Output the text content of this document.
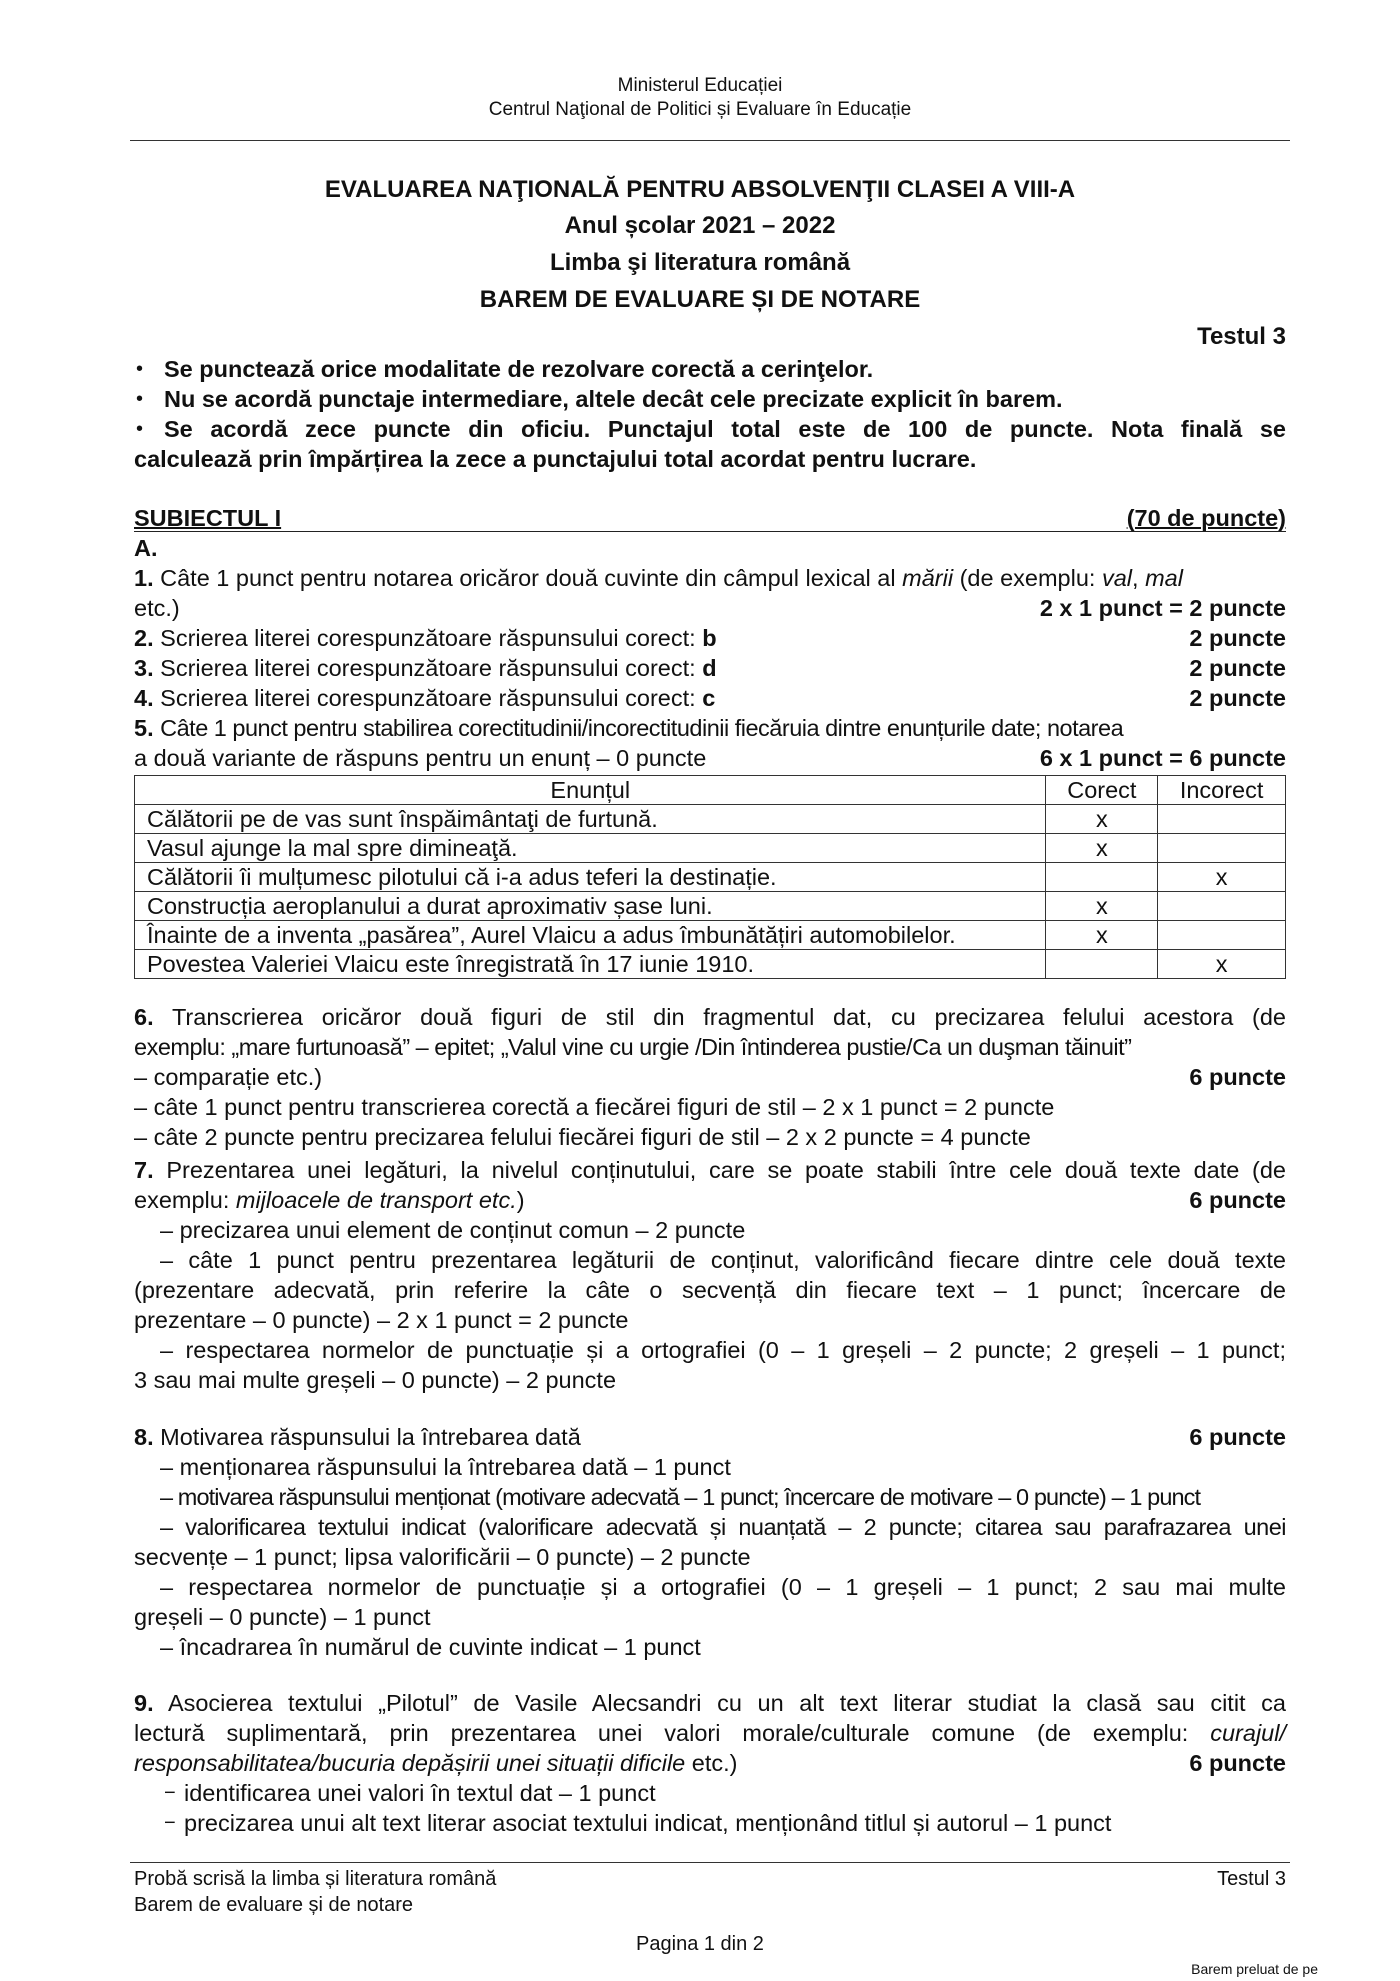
Ministerul Educației
Centrul Naţional de Politici și Evaluare în Educație
EVALUAREA NAŢIONALĂ PENTRU ABSOLVENŢII CLASEI A VIII-A
Anul școlar 2021 – 2022
Limba şi literatura română
BAREM DE EVALUARE ȘI DE NOTARE
Testul 3
• Se punctează orice modalitate de rezolvare corectă a cerinţelor.
• Nu se acordă punctaje intermediare, altele decât cele precizate explicit în barem.
• Se acordă zece puncte din oficiu. Punctajul total este de 100 de puncte. Nota finală se
calculează prin împărțirea la zece a punctajului total acordat pentru lucrare.
SUBIECTUL I	(70 de puncte)
A.
1. Câte 1 punct pentru notarea oricăror două cuvinte din câmpul lexical al mării (de exemplu: val, mal
etc.)	2 x 1 punct = 2 puncte
2. Scrierea literei corespunzătoare răspunsului corect: b	2 puncte
3. Scrierea literei corespunzătoare răspunsului corect: d	2 puncte
4. Scrierea literei corespunzătoare răspunsului corect: c	2 puncte
5. Câte 1 punct pentru stabilirea corectitudinii/incorectitudinii fiecăruia dintre enunțurile date; notarea
a două variante de răspuns pentru un enunț – 0 puncte	6 x 1 punct = 6 puncte
Enunțul	Corect	Incorect
Călătorii pe de vas sunt înspăimântaţi de furtună.	x	
Vasul ajunge la mal spre dimineaţă.	x	
Călătorii îi mulțumesc pilotului că i-a adus teferi la destinație.		x
Construcția aeroplanului a durat aproximativ șase luni.	x	
Înainte de a inventa „pasărea”, Aurel Vlaicu a adus îmbunătățiri automobilelor.	x	
Povestea Valeriei Vlaicu este înregistrată în 17 iunie 1910.		x
6. Transcrierea oricăror două figuri de stil din fragmentul dat, cu precizarea felului acestora (de
exemplu: „mare furtunoasă” – epitet; „Valul vine cu urgie /Din întinderea pustie/Ca un duşman tăinuit”
– comparație etc.)	6 puncte
– câte 1 punct pentru transcrierea corectă a fiecărei figuri de stil – 2 x 1 punct = 2 puncte
– câte 2 puncte pentru precizarea felului fiecărei figuri de stil – 2 x 2 puncte = 4 puncte
7. Prezentarea unei legături, la nivelul conținutului, care se poate stabili între cele două texte date (de
exemplu: mijloacele de transport etc.)	6 puncte
– precizarea unui element de conținut comun – 2 puncte
– câte 1 punct pentru prezentarea legăturii de conținut, valorificând fiecare dintre cele două texte
(prezentare adecvată, prin referire la câte o secvență din fiecare text – 1 punct; încercare de
prezentare – 0 puncte) – 2 x 1 punct = 2 puncte
– respectarea normelor de punctuație și a ortografiei (0 – 1 greșeli – 2 puncte; 2 greșeli – 1 punct;
3 sau mai multe greșeli – 0 puncte) – 2 puncte
8. Motivarea răspunsului la întrebarea dată	6 puncte
– menționarea răspunsului la întrebarea dată – 1 punct
– motivarea răspunsului menționat (motivare adecvată – 1 punct; încercare de motivare – 0 puncte) – 1 punct
– valorificarea textului indicat (valorificare adecvată și nuanțată – 2 puncte; citarea sau parafrazarea unei
secvențe – 1 punct; lipsa valorificării – 0 puncte) – 2 puncte
– respectarea normelor de punctuație și a ortografiei (0 – 1 greșeli – 1 punct; 2 sau mai multe
greșeli – 0 puncte) – 1 punct
– încadrarea în numărul de cuvinte indicat – 1 punct
9. Asocierea textului „Pilotul” de Vasile Alecsandri cu un alt text literar studiat la clasă sau citit ca
lectură suplimentară, prin prezentarea unei valori morale/culturale comune (de exemplu: curajul/
responsabilitatea/bucuria depășirii unei situații dificile etc.)	6 puncte
− identificarea unei valori în textul dat – 1 punct
− precizarea unui alt text literar asociat textului indicat, menționând titlul și autorul – 1 punct
Probă scrisă la limba și literatura română
Barem de evaluare și de notare
Testul 3
Pagina 1 din 2
Barem preluat de pe
